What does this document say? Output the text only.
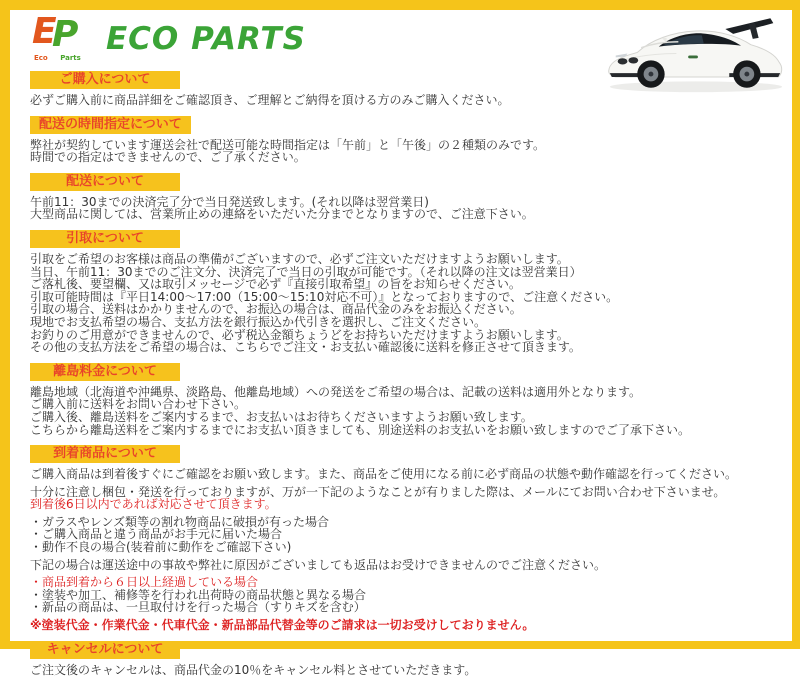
E
P
Eco Parts
ECO PARTS
ご購入について
必ずご購入前に商品詳細をご確認頂き、ご理解とご納得を頂ける方のみご購入ください。
配送の時間指定について
弊社が契約しています運送会社で配送可能な時間指定は「午前」と「午後」の２種類のみです。
時間での指定はできませんので、ご了承ください。
配送について
午前11：30までの決済完了分で当日発送致します。(それ以降は翌営業日)
大型商品に関しては、営業所止めの連絡をいただいた分までとなりますので、ご注意下さい。
引取について
引取をご希望のお客様は商品の準備がございますので、必ずご注文いただけますようお願いします。
当日、午前11：30までのご注文分、決済完了で当日の引取が可能です。（それ以降の注文は翌営業日）
ご落札後、要望欄、又は取引メッセージで必ず『直接引取希望』の旨をお知らせください。
引取可能時間は『平日14:00～17:00（15:00～15:10対応不可）』となっておりますので、ご注意ください。
引取の場合、送料はかかりませんので、お振込の場合は、商品代金のみをお振込ください。
現地でお支払希望の場合、支払方法を銀行振込か代引きを選択し、ご注文ください。
お釣りのご用意ができませんので、必ず税込金額ちょうどをお持ちいただけますようお願いします。
その他の支払方法をご希望の場合は、こちらでご注文・お支払い確認後に送料を修正させて頂きます。
離島料金について
離島地域（北海道や沖縄県、淡路島、他離島地域）への発送をご希望の場合は、記載の送料は適用外となります。
ご購入前に送料をお問い合わせ下さい。
ご購入後、離島送料をご案内するまで、お支払いはお待ちくださいますようお願い致します。
こちらから離島送料をご案内するまでにお支払い頂きましても、別途送料のお支払いをお願い致しますのでご了承下さい。
到着商品について
ご購入商品は到着後すぐにご確認をお願い致します。また、商品をご使用になる前に必ず商品の状態や動作確認を行ってください。
十分に注意し梱包・発送を行っておりますが、万が一下記のようなことが有りました際は、メールにてお問い合わせ下さいませ。
到着後6日以内であれば対応させて頂きます。
・ガラスやレンズ類等の割れ物商品に破損が有った場合
・ご購入商品と違う商品がお手元に届いた場合
・動作不良の場合(装着前に動作をご確認下さい)
下記の場合は運送途中の事故や弊社に原因がございましても返品はお受けできませんのでご注意ください。
・商品到着から６日以上経過している場合
・塗装や加工、補修等を行われ出荷時の商品状態と異なる場合
・新品の商品は、一旦取付けを行った場合（すりキズを含む）
※塗装代金・作業代金・代車代金・新品部品代替金等のご請求は一切お受けしておりません。
キャンセルについて
ご注文後のキャンセルは、商品代金の10％をキャンセル料とさせていただきます。
